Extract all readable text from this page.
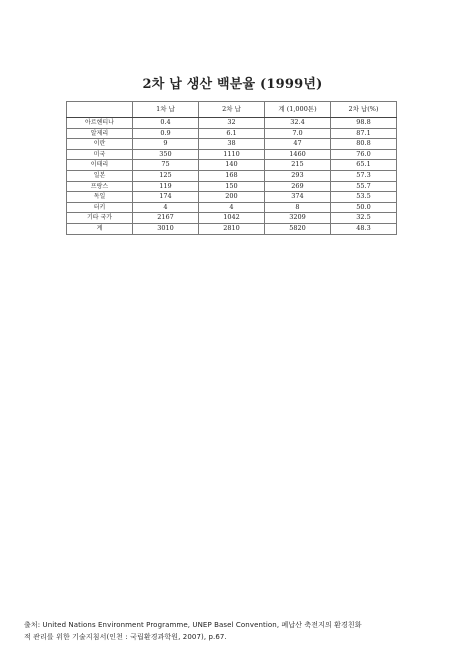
2차 납 생산 백분율 (1999년)
	1차 납	2차 납	계 (1,000톤)	2차 납(%)
아르헨티나	0.4	32	32.4	98.8
알제리	0.9	6.1	7.0	87.1
이란	9	38	47	80.8
미국	350	1110	1460	76.0
이태리	75	140	215	65.1
일본	125	168	293	57.3
프랑스	119	150	269	55.7
독일	174	200	374	53.5
터키	4	4	8	50.0
기타 국가	2167	1042	3209	32.5
계	3010	2810	5820	48.3
출처: United Nations Environment Programme, UNEP Basel Convention, 폐납산 축전지의 환경친화
적 관리를 위한 기술지침서(인천 : 국립환경과학원, 2007), p.67.
